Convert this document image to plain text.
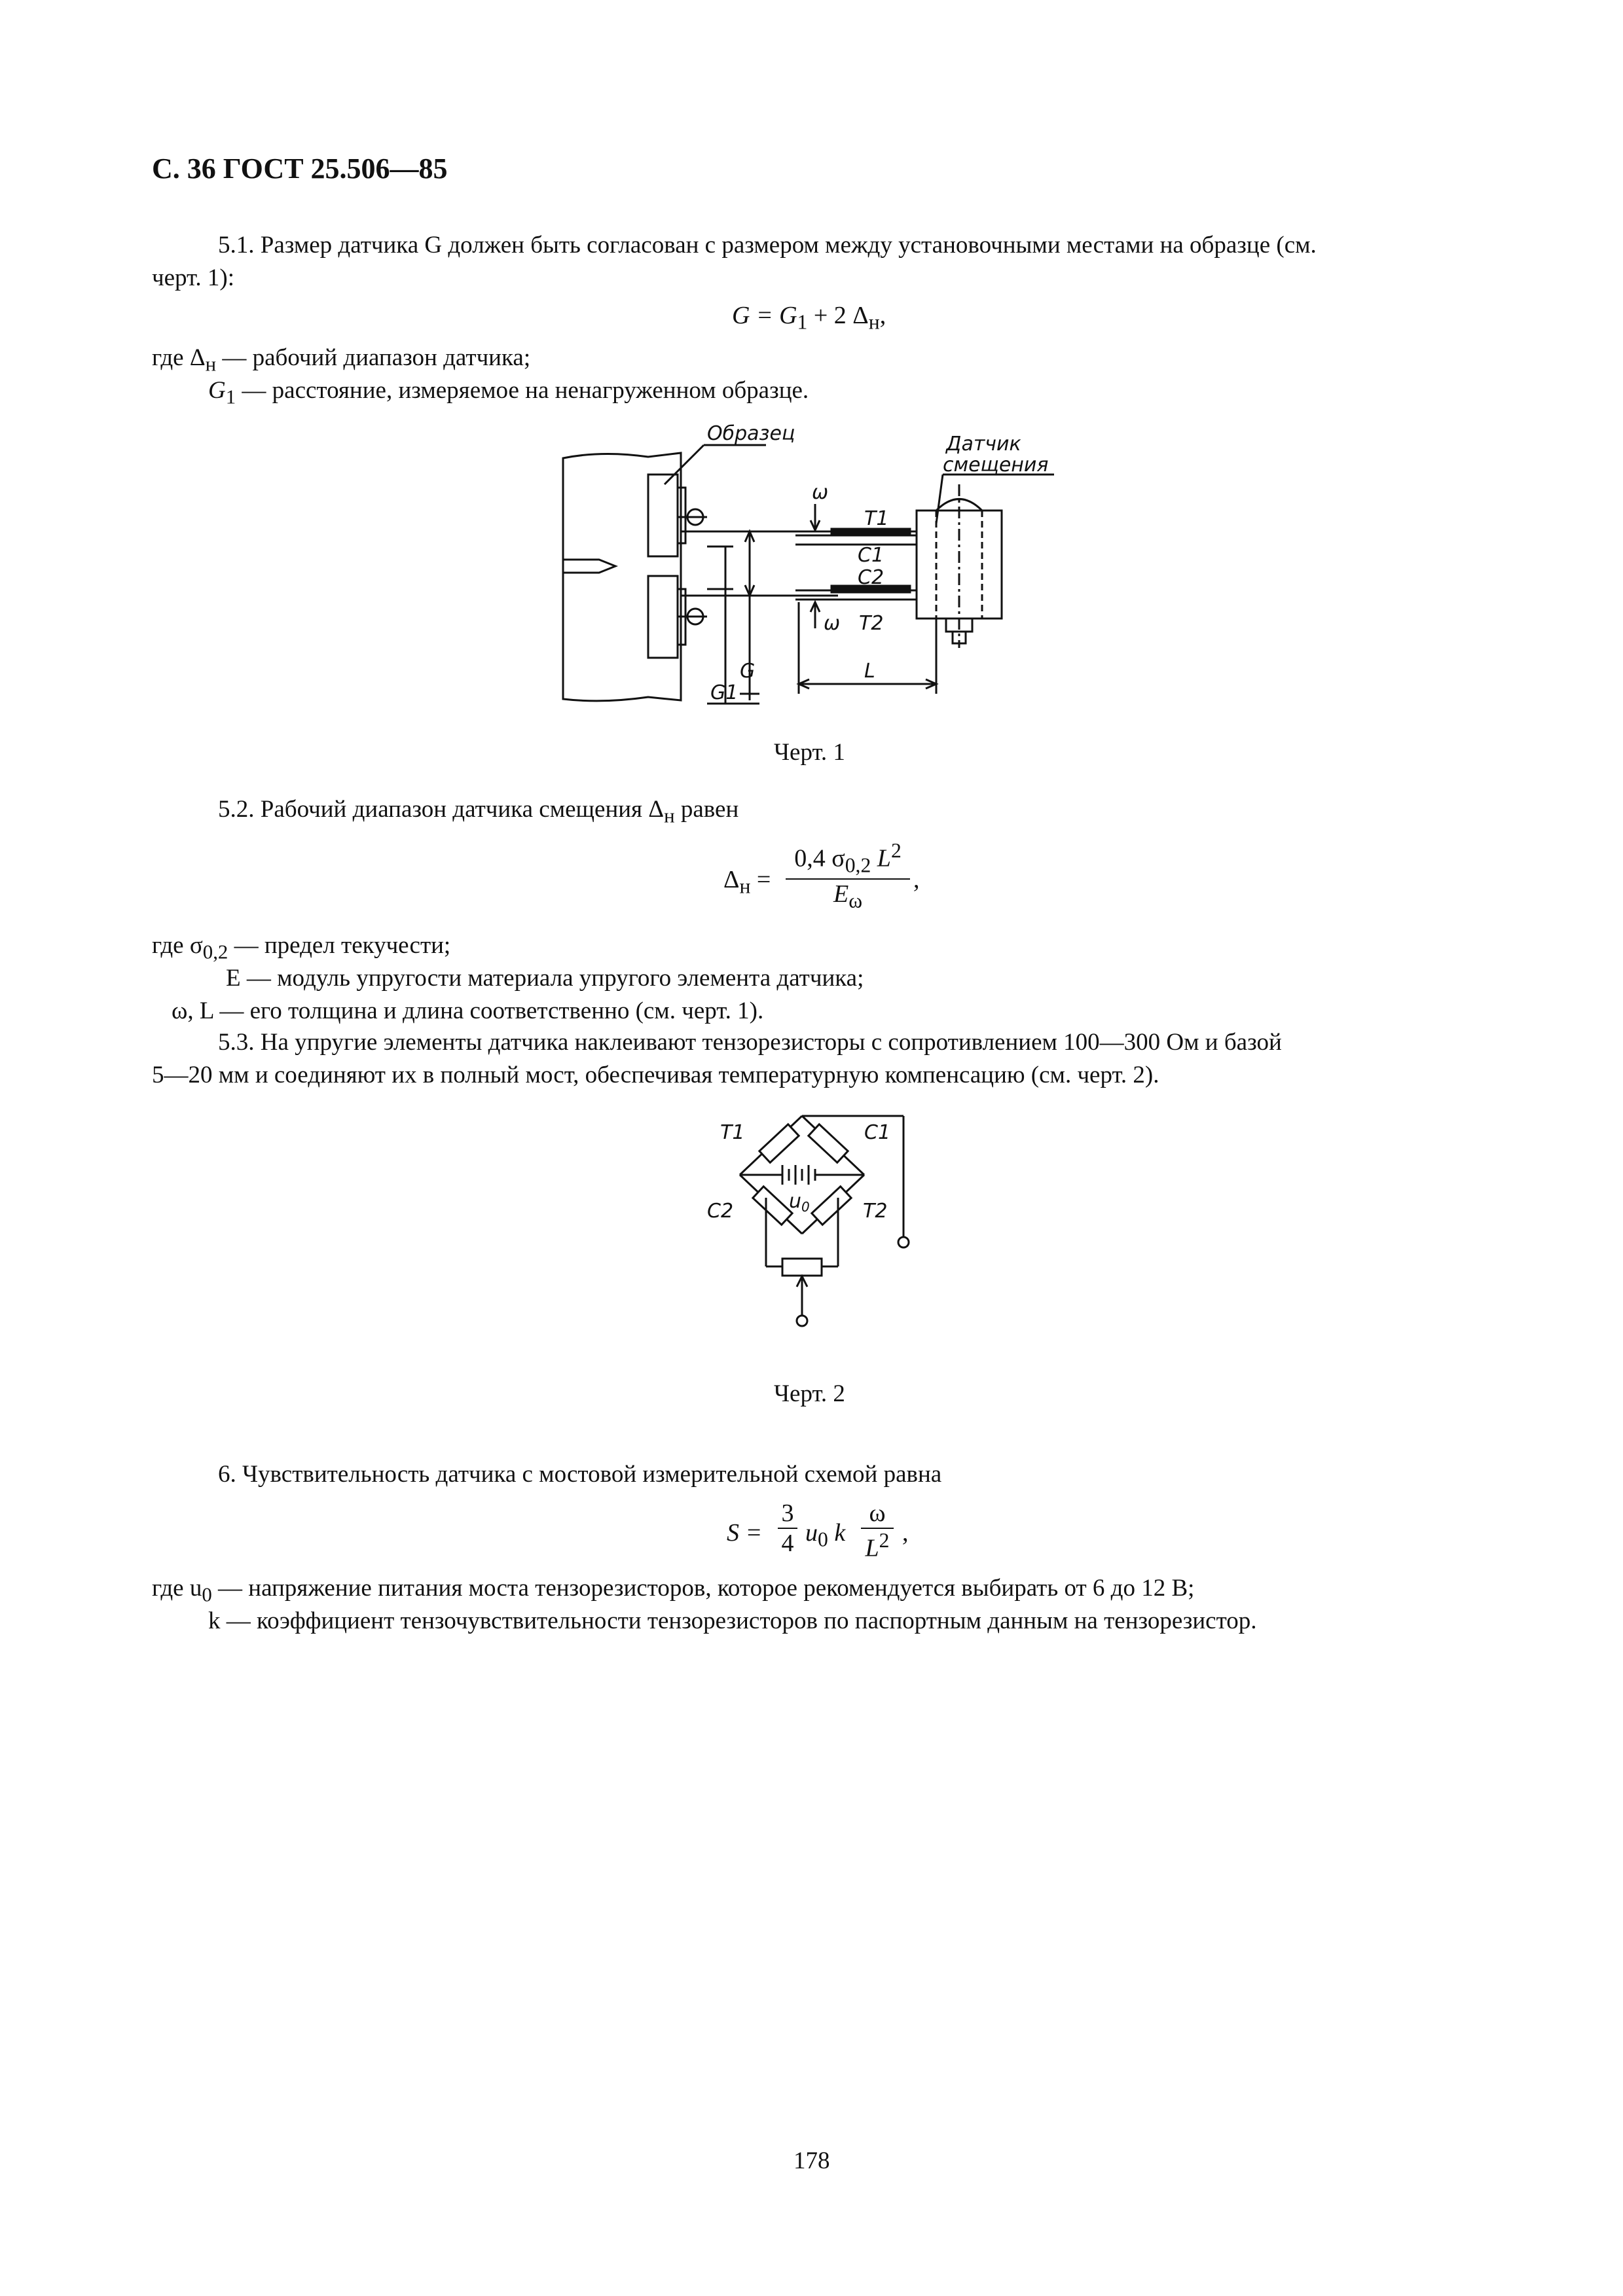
С. 36 ГОСТ 25.506—85
5.1. Размер датчика G должен быть согласован с размером между установочными местами на образце (см.
черт. 1):
$G = G_1 + 2$ $\Delta_н$,
где $\Delta_н$ — рабочий диапазон датчика;
$G_1$ — расстояние, измеряемое на ненагруженном образце.
Образец	Датчик
смещения
ω
T1
C1
C2
ω T2
G1
G	L
Черт. 1
5.2. Рабочий диапазон датчика смещения $\Delta_н$ равен
$\Delta_н = \frac{0,4 \sigma_{0,2} L^2}{E_\omega}$ ,
где $\sigma_{0,2}$ — предел текучести;
E — модуль упругости материала упругого элемента датчика;
ω, L — его толщина и длина соответственно (см. черт. 1).
5.3. На упругие элементы датчика наклеивают тензорезисторы с сопротивлением 100—300 Ом и базой
5—20 мм и соединяют их в полный мост, обеспечивая температурную компенсацию (см. черт. 2).
T1	C1
C2	T2
$u_0$
Черт. 2
6. Чувствительность датчика с мостовой измерительной схемой равна
$S = \frac{3}{4} u_0$ k $\frac{\omega}{L^2}$ ,
где $u_0$ — напряжение питания моста тензорезисторов, которое рекомендуется выбирать от 6 до 12 В;
k — коэффициент тензочувствительности тензорезисторов по паспортным данным на тензорезистор.
178
